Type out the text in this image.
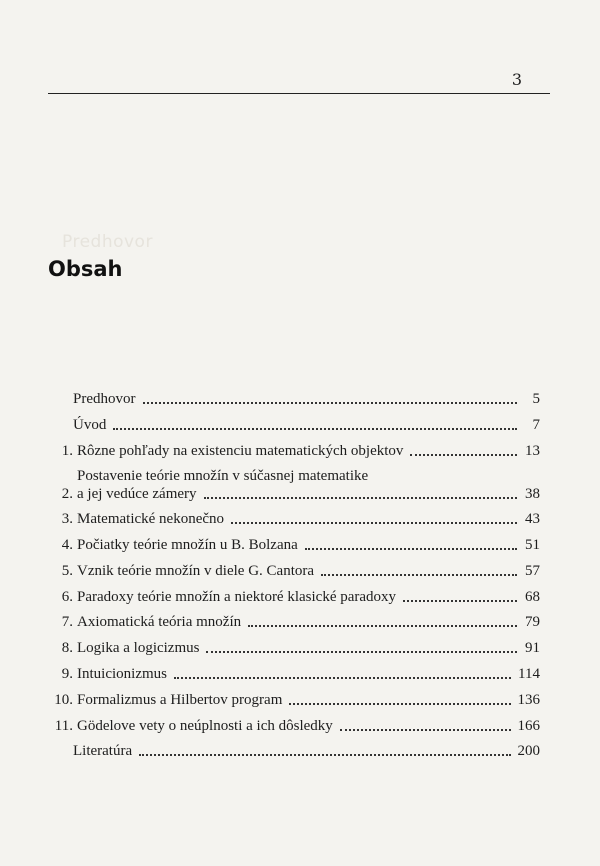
3
Predhovor
Obsah
Predhovor	5
Úvod	7
1. Rôzne pohľady na existenciu matematických objektov	13
2.
Postavenie teórie množín v súčasnej matematike
a jej vedúce zámery	38
3. Matematické nekonečno	43
4. Počiatky teórie množín u B. Bolzana	51
5. Vznik teórie množín v diele G. Cantora	57
6. Paradoxy teórie množín a niektoré klasické paradoxy	68
7. Axiomatická teória množín	79
8. Logika a logicizmus	91
9. Intuicionizmus	114
10. Formalizmus a Hilbertov program	136
11. Gödelove vety o neúplnosti a ich dôsledky	166
Literatúra	200
